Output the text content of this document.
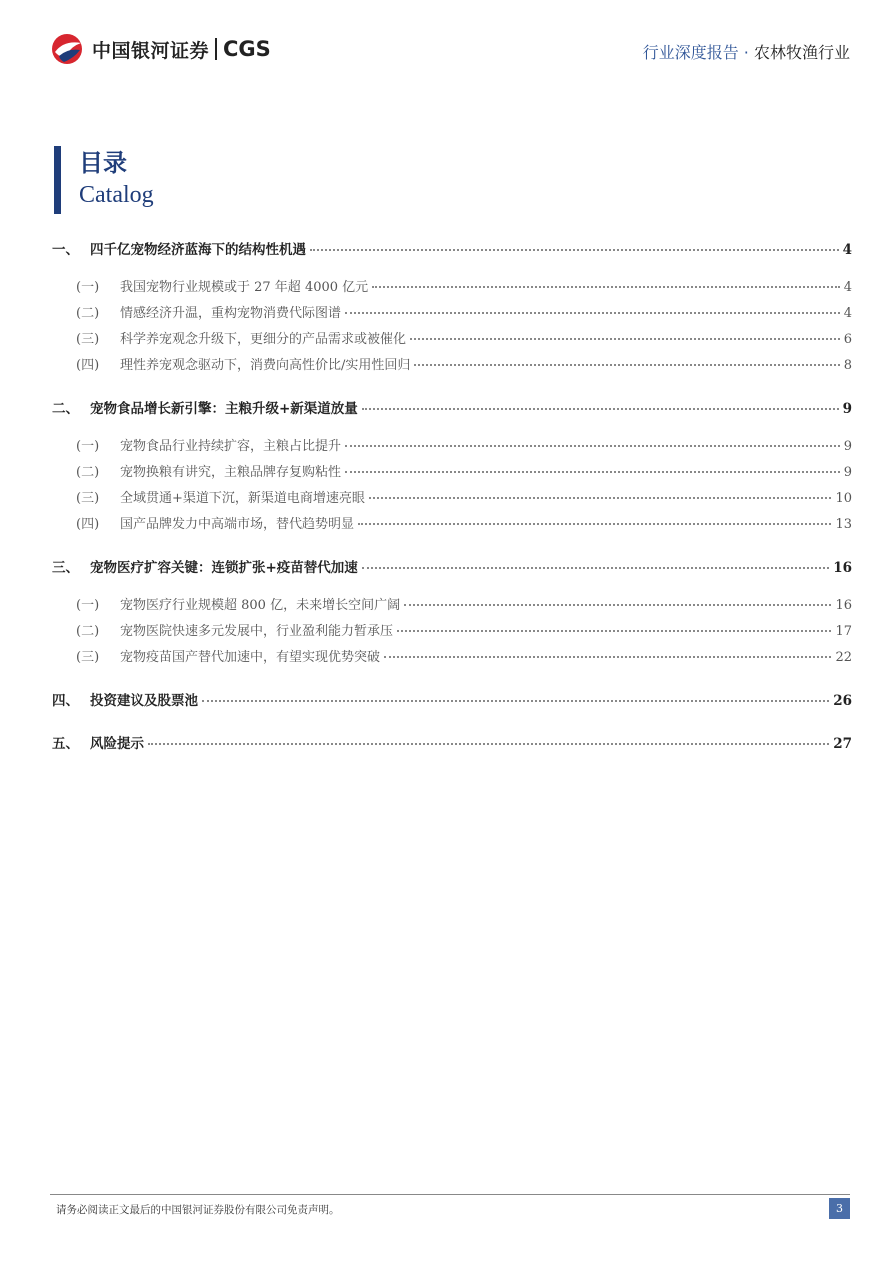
中国银河证券 CGS	行业深度报告 · 农林牧渔行业
目录
Catalog
一、 四千亿宠物经济蓝海下的结构性机遇	4
(一)	我国宠物行业规模或于 27 年超 4000 亿元	4
(二)	情感经济升温，重构宠物消费代际图谱	4
(三)	科学养宠观念升级下，更细分的产品需求或被催化	6
(四)	理性养宠观念驱动下，消费向高性价比/实用性回归	8
二、 宠物食品增长新引擎：主粮升级+新渠道放量	9
(一)	宠物食品行业持续扩容，主粮占比提升	9
(二)	宠物换粮有讲究，主粮品牌存复购粘性	9
(三)	全域贯通+渠道下沉，新渠道电商增速亮眼	10
(四)	国产品牌发力中高端市场，替代趋势明显	13
三、 宠物医疗扩容关键：连锁扩张+疫苗替代加速	16
(一)	宠物医疗行业规模超 800 亿，未来增长空间广阔	16
(二)	宠物医院快速多元发展中，行业盈利能力暂承压	17
(三)	宠物疫苗国产替代加速中，有望实现优势突破	22
四、 投资建议及股票池	26
五、 风险提示	27
请务必阅读正文最后的中国银河证券股份有限公司免责声明。	3
